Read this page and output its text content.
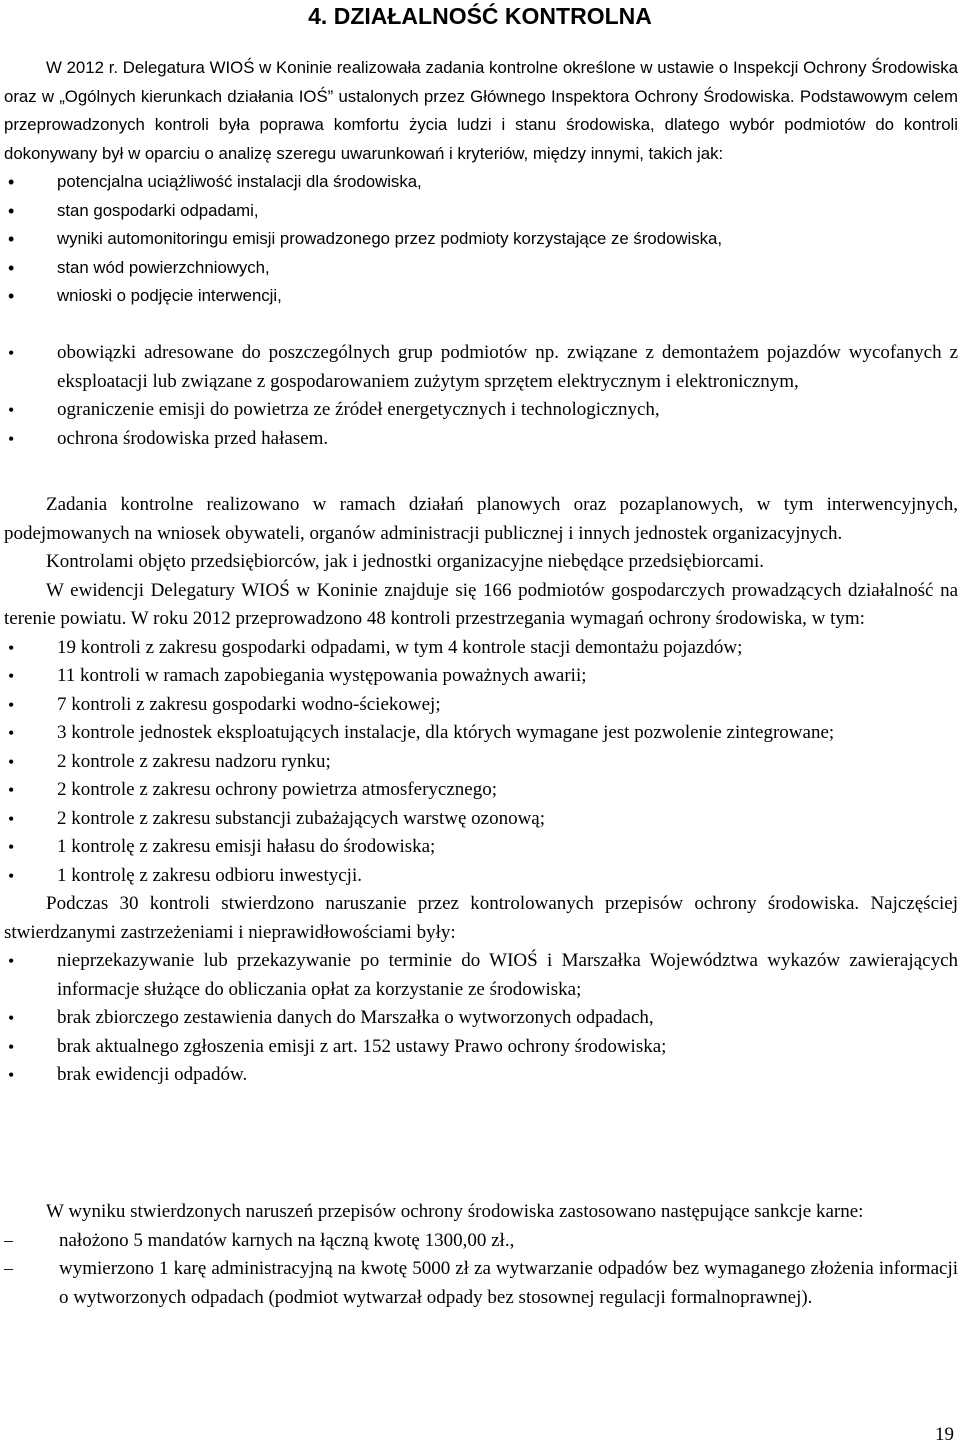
4. DZIAŁALNOŚĆ KONTROLNA

W 2012 r. Delegatura WIOŚ w Koninie realizowała zadania kontrolne określone w ustawie o Inspekcji Ochrony Środowiska oraz w „Ogólnych kierunkach działania IOŚ” ustalonych przez Głównego Inspektora Ochrony Środowiska. Podstawowym celem przeprowadzonych kontroli była poprawa komfortu życia ludzi i stanu środowiska, dlatego wybór podmiotów do kontroli dokonywany był w oparciu o analizę szeregu uwarunkowań i kryteriów, między innymi, takich jak:

•	potencjalna uciążliwość instalacji dla środowiska,
•	stan gospodarki odpadami,
•	wyniki automonitoringu emisji prowadzonego przez podmioty korzystające ze środowiska,
•	stan wód powierzchniowych,
•	wnioski o podjęcie interwencji,
• obowiązki adresowane do poszczególnych grup podmiotów np. związane z demontażem pojazdów wycofanych z eksploatacji lub związane z gospodarowaniem zużytym sprzętem elektrycznym i elektronicznym,
• ograniczenie emisji do powietrza ze źródeł energetycznych i technologicznych,
• ochrona środowiska przed hałasem.

Zadania kontrolne realizowano w ramach działań planowych oraz pozaplanowych, w tym interwencyjnych, podejmowanych na wniosek obywateli, organów administracji publicznej i innych jednostek organizacyjnych.

Kontrolami objęto przedsiębiorców, jak i jednostki organizacyjne niebędące przedsiębiorcami.

W ewidencji Delegatury WIOŚ w Koninie znajduje się 166 podmiotów gospodarczych prowadzących działalność na terenie powiatu. W roku 2012 przeprowadzono 48 kontroli przestrzegania wymagań ochrony środowiska, w tym:

• 19 kontroli z zakresu gospodarki odpadami, w tym 4 kontrole stacji demontażu pojazdów;
• 11 kontroli w ramach zapobiegania występowania poważnych awarii;
• 7 kontroli z zakresu gospodarki wodno-ściekowej;
• 3 kontrole jednostek eksploatujących instalacje, dla których wymagane jest pozwolenie zintegrowane;
• 2 kontrole z zakresu nadzoru rynku;
• 2 kontrole z zakresu ochrony powietrza atmosferycznego;
• 2 kontrole z zakresu substancji zubażających warstwę ozonową;
• 1 kontrolę z zakresu emisji hałasu do środowiska;
• 1 kontrolę z zakresu odbioru inwestycji.

Podczas 30 kontroli stwierdzono naruszanie przez kontrolowanych przepisów ochrony środowiska. Najczęściej stwierdzanymi zastrzeżeniami i nieprawidłowościami były:

• nieprzekazywanie lub przekazywanie po terminie do WIOŚ i Marszałka Województwa wykazów zawierających informacje służące do obliczania opłat za korzystanie ze środowiska;
• brak zbiorczego zestawienia danych do Marszałka o wytworzonych odpadach,
• brak aktualnego zgłoszenia emisji z art. 152 ustawy Prawo ochrony środowiska;
• brak ewidencji odpadów.

W wyniku stwierdzonych naruszeń przepisów ochrony środowiska zastosowano następujące sankcje karne:

– nałożono 5 mandatów karnych na łączną kwotę 1300,00 zł.,
– wymierzono 1 karę administracyjną na kwotę 5000 zł za wytwarzanie odpadów bez wymaganego złożenia informacji o wytworzonych odpadach (podmiot wytwarzał odpady bez stosownej regulacji formalnoprawnej).
19
